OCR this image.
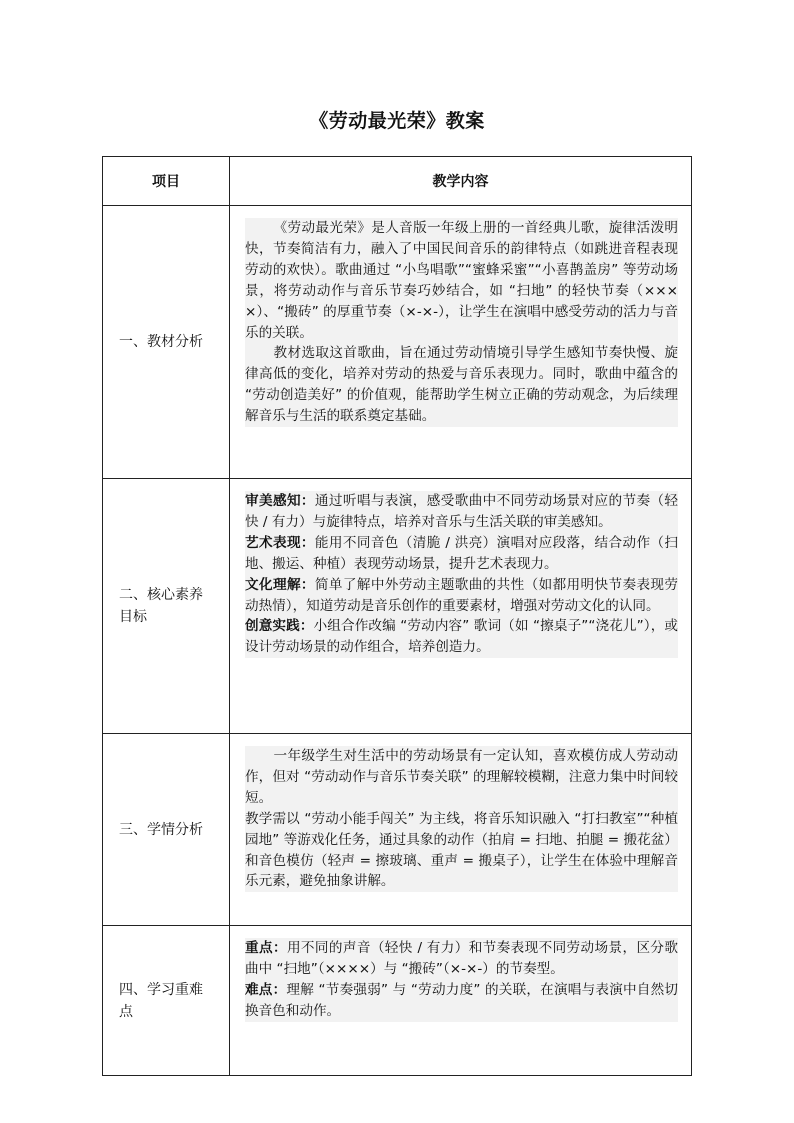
《劳动最光荣》教案
项目	教学内容
一、教材分析	《劳动最光荣》是人音版一年级上册的一首经典儿歌，旋律活泼明快，节奏简洁有力，融入了中国民间音乐的韵律特点（如跳进音程表现劳动的欢快）。歌曲通过 “小鸟唱歌”“蜜蜂采蜜”“小喜鹊盖房” 等劳动场景，将劳动动作与音乐节奏巧妙结合，如 “扫地” 的轻快节奏（××××）、“搬砖” 的厚重节奏（×-×-），让学生在演唱中感受劳动的活力与音乐的关联。

教材选取这首歌曲，旨在通过劳动情境引导学生感知节奏快慢、旋律高低的变化，培养对劳动的热爱与音乐表现力。同时，歌曲中蕴含的 “劳动创造美好” 的价值观，能帮助学生树立正确的劳动观念，为后续理解音乐与生活的联系奠定基础。

二、核心素养目标	审美感知：通过听唱与表演，感受歌曲中不同劳动场景对应的节奏（轻快 / 有力）与旋律特点，培养对音乐与生活关联的审美感知。

艺术表现：能用不同音色（清脆 / 洪亮）演唱对应段落，结合动作（扫地、搬运、种植）表现劳动场景，提升艺术表现力。

文化理解：简单了解中外劳动主题歌曲的共性（如都用明快节奏表现劳动热情），知道劳动是音乐创作的重要素材，增强对劳动文化的认同。

创意实践：小组合作改编 “劳动内容” 歌词（如 “擦桌子”“浇花儿”），或设计劳动场景的动作组合，培养创造力。

三、学情分析	一年级学生对生活中的劳动场景有一定认知，喜欢模仿成人劳动动作，但对 “劳动动作与音乐节奏关联” 的理解较模糊，注意力集中时间较短。

教学需以 “劳动小能手闯关” 为主线，将音乐知识融入 “打扫教室”“种植园地” 等游戏化任务，通过具象的动作（拍肩 = 扫地、拍腿 = 搬花盆）和音色模仿（轻声 = 擦玻璃、重声 = 搬桌子），让学生在体验中理解音乐元素，避免抽象讲解。

四、学习重难点	重点：用不同的声音（轻快 / 有力）和节奏表现不同劳动场景，区分歌曲中 “扫地”（××××）与 “搬砖”（×-×-）的节奏型。

难点：理解 “节奏强弱” 与 “劳动力度” 的关联，在演唱与表演中自然切换音色和动作。
